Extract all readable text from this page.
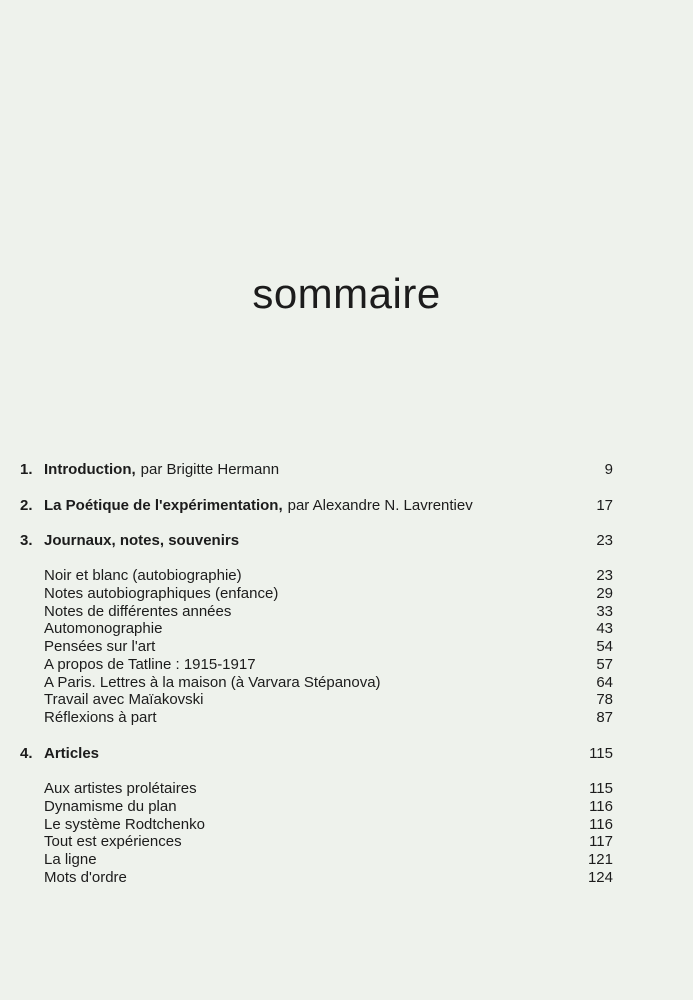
sommaire
1. Introduction, par Brigitte Hermann	9
2. La Poétique de l'expérimentation, par Alexandre N. Lavrentiev	17
3. Journaux, notes, souvenirs	23
Noir et blanc (autobiographie)	23
Notes autobiographiques (enfance)	29
Notes de différentes années	33
Automonographie	43
Pensées sur l'art	54
A propos de Tatline : 1915-1917	57
A Paris. Lettres à la maison (à Varvara Stépanova)	64
Travail avec Maïakovski	78
Réflexions à part	87
4. Articles	115
Aux artistes prolétaires	115
Dynamisme du plan	116
Le système Rodtchenko	116
Tout est expériences	117
La ligne	121
Mots d'ordre	124
